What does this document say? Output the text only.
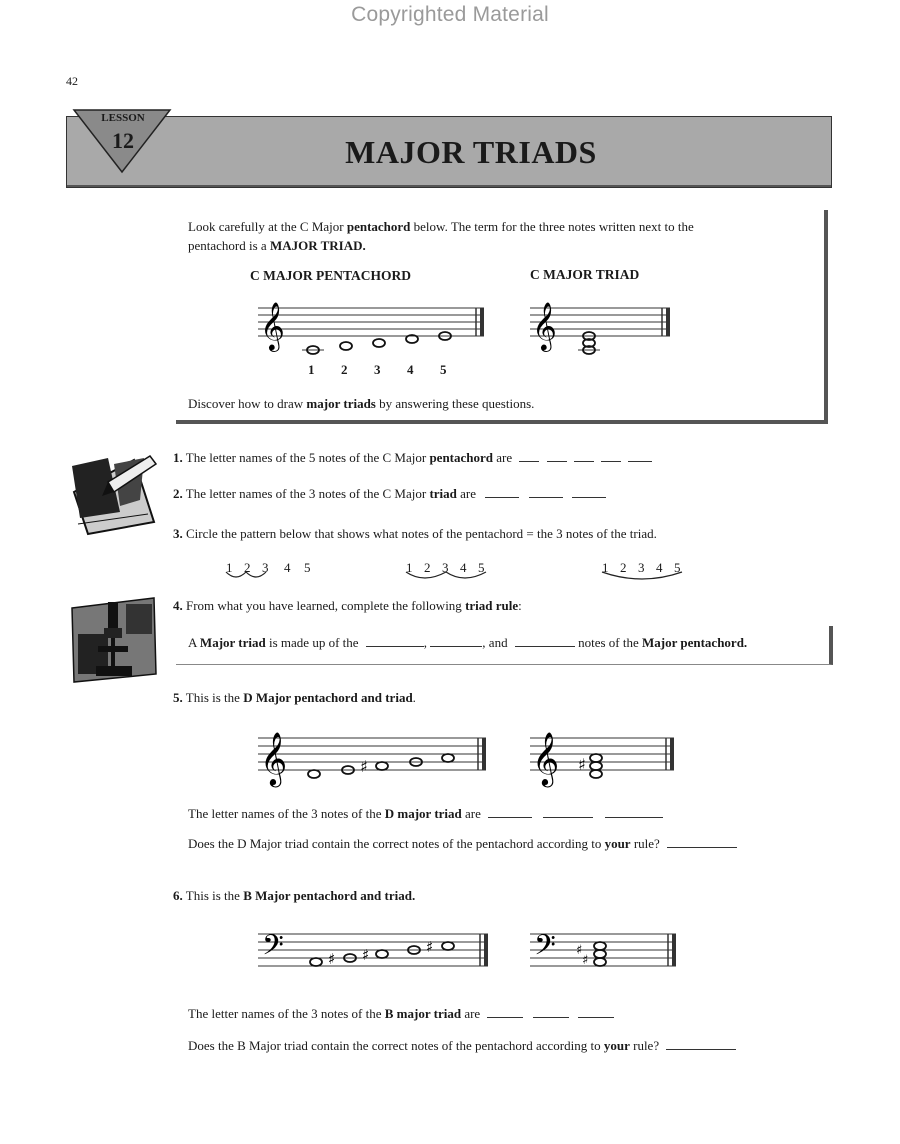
Copyrighted Material
42
LESSON
12	MAJOR TRIADS
Look carefully at the C Major pentachord below. The term for the three notes written next to the
pentachord is a MAJOR TRIAD.
C MAJOR PENTACHORD	C MAJOR TRIAD
𝄞
1 2 3 4 5
𝄞
Discover how to draw major triads by answering these questions.
1. The letter names of the 5 notes of the C Major pentachord are
2. The letter names of the 3 notes of the C Major triad are
3. Circle the pattern below that shows what notes of the pentachord = the 3 notes of the triad.
1 2 3 4 5	1 2 3 4 5	1 2 3 4 5
4. From what you have learned, complete the following triad rule:
A Major triad is made up of the	,	, and	notes of the Major pentachord.
5. This is the D Major pentachord and triad.
𝄞	♯	𝄞 ♯
The letter names of the 3 notes of the D major triad are
Does the D Major triad contain the correct notes of the pentachord according to your rule?
6. This is the B Major pentachord and triad.
𝄢	♯ ♯	♯	𝄢 ♯
♯
The letter names of the 3 notes of the B major triad are
Does the B Major triad contain the correct notes of the pentachord according to your rule?
